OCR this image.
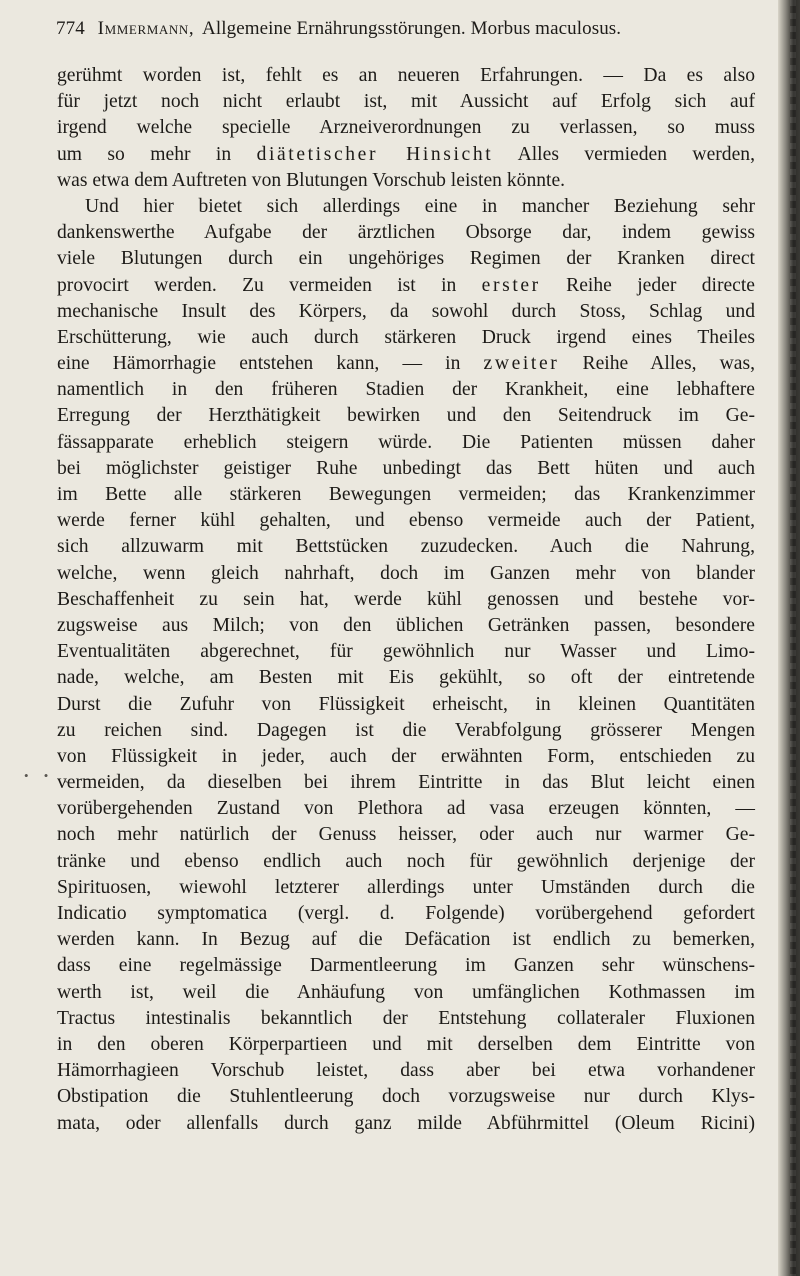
774 Immermann, Allgemeine Ernährungsstörungen. Morbus maculosus.
• • ‸
gerühmt worden ist, fehlt es an neueren Erfahrungen. — Da es also
für jetzt noch nicht erlaubt ist, mit Aussicht auf Erfolg sich auf
irgend welche specielle Arzneiverordnungen zu verlassen, so muss
um so mehr in diätetischer Hinsicht Alles vermieden werden,
was etwa dem Auftreten von Blutungen Vorschub leisten könnte.
Und hier bietet sich allerdings eine in mancher Beziehung sehr
dankenswerthe Aufgabe der ärztlichen Obsorge dar, indem gewiss
viele Blutungen durch ein ungehöriges Regimen der Kranken direct
provocirt werden. Zu vermeiden ist in erster Reihe jeder directe
mechanische Insult des Körpers, da sowohl durch Stoss, Schlag und
Erschütterung, wie auch durch stärkeren Druck irgend eines Theiles
eine Hämorrhagie entstehen kann, — in zweiter Reihe Alles, was,
namentlich in den früheren Stadien der Krankheit, eine lebhaftere
Erregung der Herzthätigkeit bewirken und den Seitendruck im Ge-
fässapparate erheblich steigern würde. Die Patienten müssen daher
bei möglichster geistiger Ruhe unbedingt das Bett hüten und auch
im Bette alle stärkeren Bewegungen vermeiden; das Krankenzimmer
werde ferner kühl gehalten, und ebenso vermeide auch der Patient,
sich allzuwarm mit Bettstücken zuzudecken. Auch die Nahrung,
welche, wenn gleich nahrhaft, doch im Ganzen mehr von blander
Beschaffenheit zu sein hat, werde kühl genossen und bestehe vor-
zugsweise aus Milch; von den üblichen Getränken passen, besondere
Eventualitäten abgerechnet, für gewöhnlich nur Wasser und Limo-
nade, welche, am Besten mit Eis gekühlt, so oft der eintretende
Durst die Zufuhr von Flüssigkeit erheischt, in kleinen Quantitäten
zu reichen sind. Dagegen ist die Verabfolgung grösserer Mengen
von Flüssigkeit in jeder, auch der erwähnten Form, entschieden zu
vermeiden, da dieselben bei ihrem Eintritte in das Blut leicht einen
vorübergehenden Zustand von Plethora ad vasa erzeugen könnten, —
noch mehr natürlich der Genuss heisser, oder auch nur warmer Ge-
tränke und ebenso endlich auch noch für gewöhnlich derjenige der
Spirituosen, wiewohl letzterer allerdings unter Umständen durch die
Indicatio symptomatica (vergl. d. Folgende) vorübergehend gefordert
werden kann. In Bezug auf die Defäcation ist endlich zu bemerken,
dass eine regelmässige Darmentleerung im Ganzen sehr wünschens-
werth ist, weil die Anhäufung von umfänglichen Kothmassen im
Tractus intestinalis bekanntlich der Entstehung collateraler Fluxionen
in den oberen Körperpartieen und mit derselben dem Eintritte von
Hämorrhagieen Vorschub leistet, dass aber bei etwa vorhandener
Obstipation die Stuhlentleerung doch vorzugsweise nur durch Klys-
mata, oder allenfalls durch ganz milde Abführmittel (Oleum Ricini)
